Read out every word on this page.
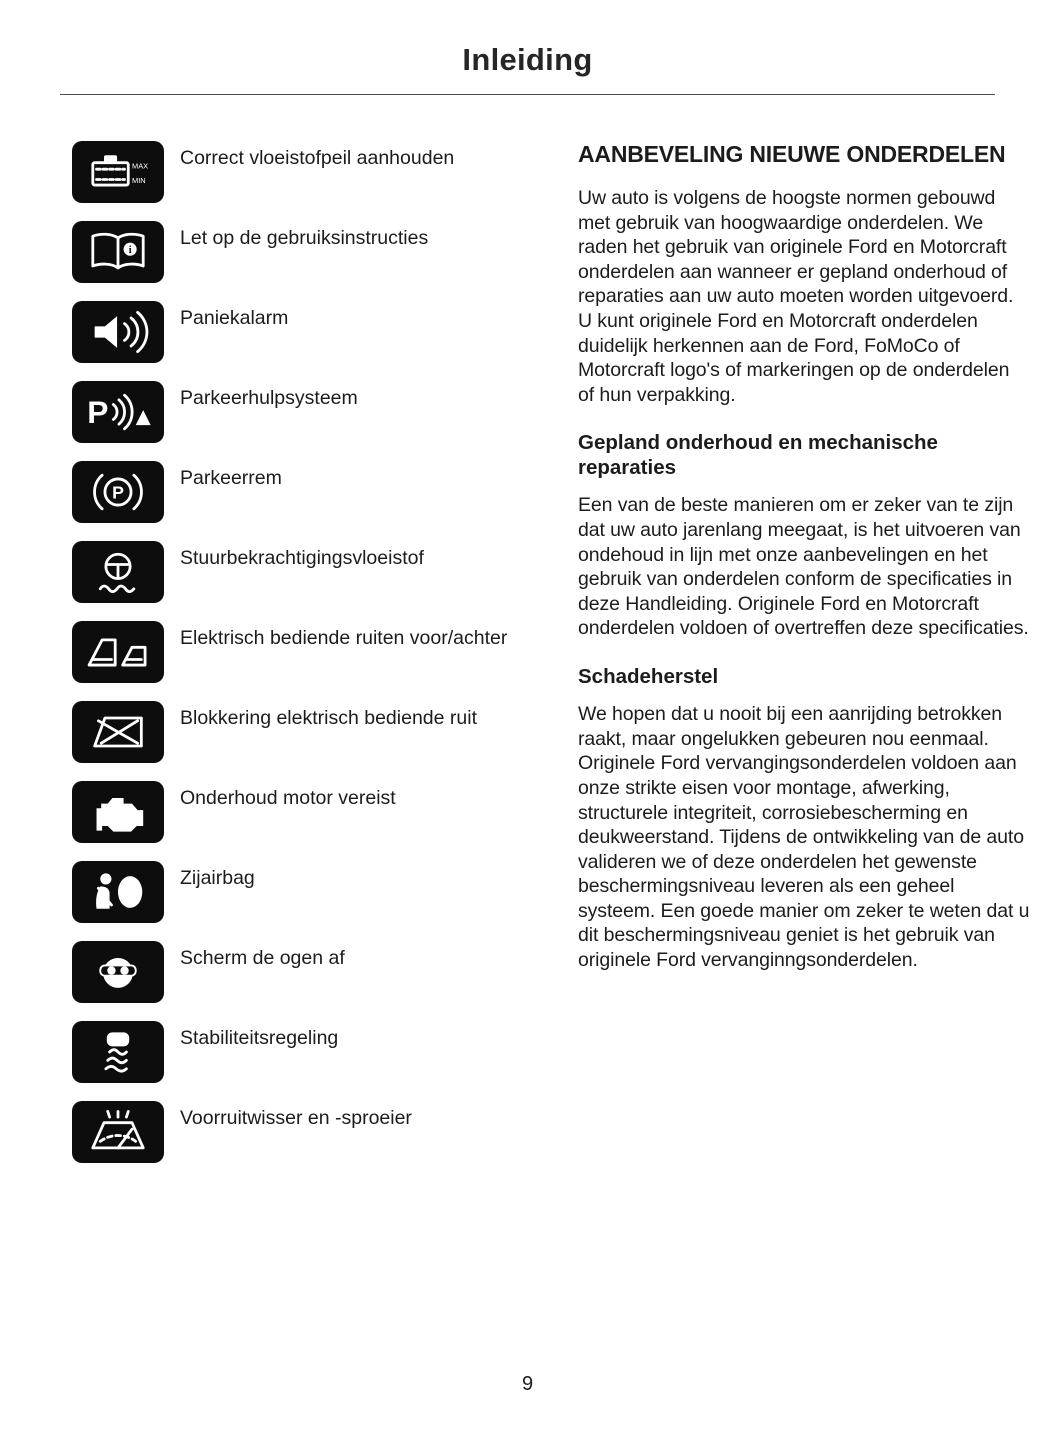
Inleiding
MAX
MIN
Correct vloeistofpeil aanhouden
i
Let op de gebruiksinstructies
Paniekalarm
P	Parkeerhulpsysteem
P
Parkeerrem
Stuurbekrachtigingsvloeistof
Elektrisch bediende ruiten voor/achter
Blokkering elektrisch bediende ruit
Onderhoud motor vereist
Zijairbag
Scherm de ogen af
Stabiliteitsregeling
Voorruitwisser en -sproeier
AANBEVELING NIEUWE ONDERDELEN

Uw auto is volgens de hoogste normen gebouwd met gebruik van hoogwaardige onderdelen. We raden het gebruik van originele Ford en Motorcraft onderdelen aan wanneer er gepland onderhoud of reparaties aan uw auto moeten worden uitgevoerd. U kunt originele Ford en Motorcraft onderdelen duidelijk herkennen aan de Ford, FoMoCo of Motorcraft logo's of markeringen op de onderdelen of hun verpakking.

Gepland onderhoud en mechanische reparaties

Een van de beste manieren om er zeker van te zijn dat uw auto jarenlang meegaat, is het uitvoeren van ondehoud in lijn met onze aanbevelingen en het gebruik van onderdelen conform de specificaties in deze Handleiding. Originele Ford en Motorcraft onderdelen voldoen of overtreffen deze specificaties.

Schadeherstel

We hopen dat u nooit bij een aanrijding betrokken raakt, maar ongelukken gebeuren nou eenmaal. Originele Ford vervangingsonderdelen voldoen aan onze strikte eisen voor montage, afwerking, structurele integriteit, corrosiebescherming en deukweerstand. Tijdens de ontwikkeling van de auto valideren we of deze onderdelen het gewenste beschermingsniveau leveren als een geheel systeem. Een goede manier om zeker te weten dat u dit beschermingsniveau geniet is het gebruik van originele Ford vervanginngsonderdelen.

9
